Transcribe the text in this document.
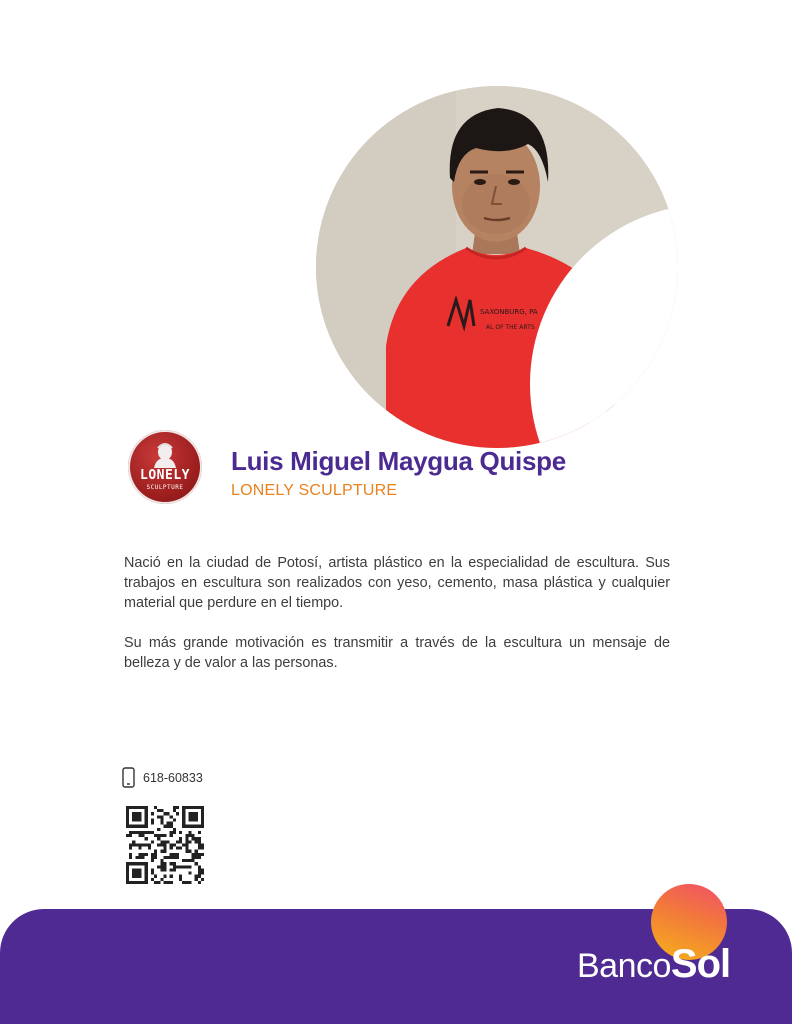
SAXONBURG, PA
AL OF THE ARTS
LONELY
SCULPTURE
Luis Miguel Maygua Quispe
LONELY SCULPTURE

Nació en la ciudad de Potosí, artista plástico en la especialidad de escultura. Sus trabajos en escultura son realizados con yeso, cemento, masa plástica y cualquier material que perdure en el tiempo.

Su más grande motivación es transmitir a través de la escultura un mensaje de belleza y de valor a las personas.

618-60833
BancoSol
